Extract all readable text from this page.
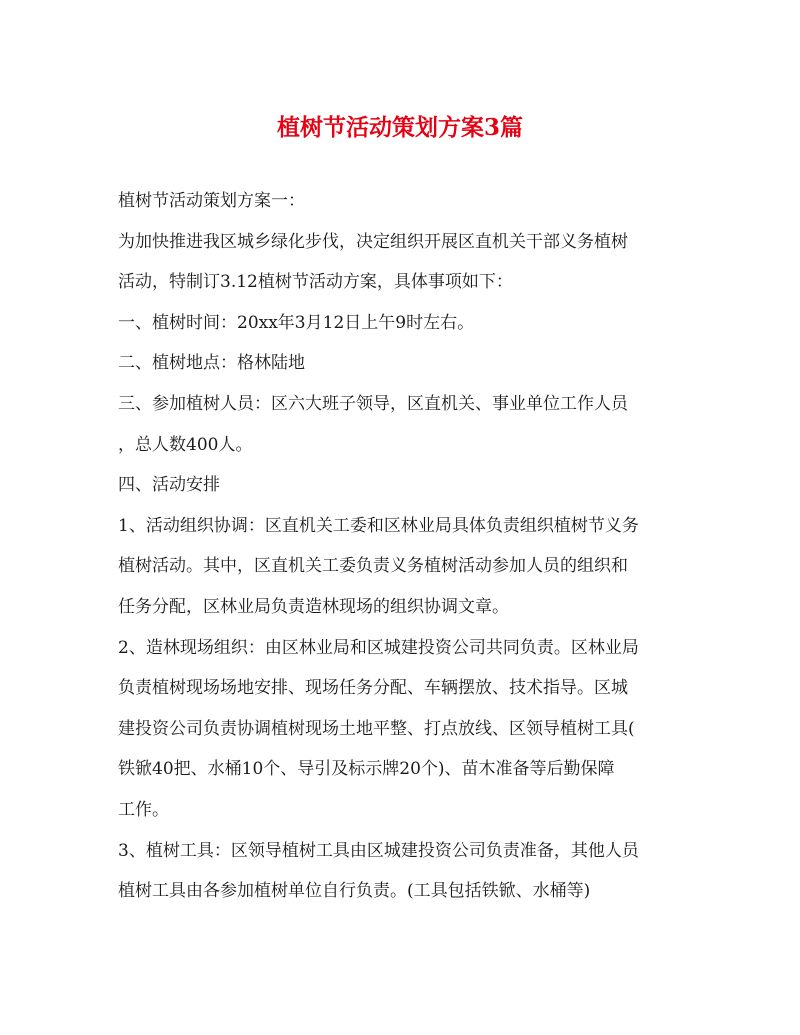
植树节活动策划方案3篇

植树节活动策划方案一：

为加快推进我区城乡绿化步伐，决定组织开展区直机关干部义务植树

活动，特制订3.12植树节活动方案，具体事项如下：

一、植树时间：20xx年3月12日上午9时左右。

二、植树地点：格林陆地

三、参加植树人员：区六大班子领导，区直机关、事业单位工作人员

，总人数400人。

四、活动安排

1、活动组织协调：区直机关工委和区林业局具体负责组织植树节义务

植树活动。其中，区直机关工委负责义务植树活动参加人员的组织和

任务分配，区林业局负责造林现场的组织协调文章。

2、造林现场组织：由区林业局和区城建投资公司共同负责。区林业局

负责植树现场场地安排、现场任务分配、车辆摆放、技术指导。区城

建投资公司负责协调植树现场土地平整、打点放线、区领导植树工具(

铁锨40把、水桶10个、导引及标示牌20个)、苗木准备等后勤保障

工作。

3、植树工具：区领导植树工具由区城建投资公司负责准备，其他人员

植树工具由各参加植树单位自行负责。(工具包括铁锨、水桶等)
